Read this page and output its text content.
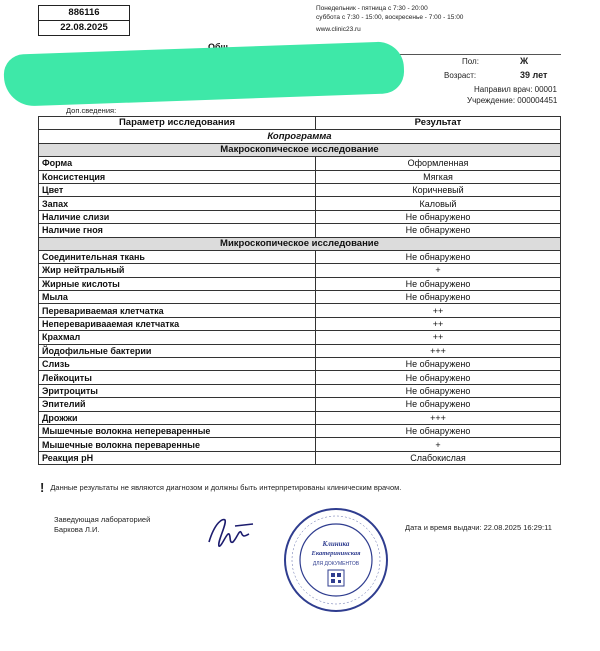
886116
22.08.2025
Понедельник - пятница с 7:30 - 20:00
суббота с 7:30 - 15:00, воскресенье - 7:00 - 15:00
www.clinic23.ru
Пол:	Ж
Возраст:	39 лет
Направил врач: 00001
Учреждение: 000004451
Доп.сведения:
Параметр исследования	Результат
Копрограмма	
Макроскопическое исследование	
Форма	Оформленная
Консистенция	Мягкая
Цвет	Коричневый
Запах	Каловый
Наличие слизи	Не обнаружено
Наличие гноя	Не обнаружено
Микроскопическое исследование	
Соединительная ткань	Не обнаружено
Жир нейтральный	+
Жирные кислоты	Не обнаружено
Мыла	Не обнаружено
Перевариваемая клетчатка	++
Непереваривааемая клетчатка	++
Крахмал	++
Йодофильные бактерии	+++
Слизь	Не обнаружено
Лейкоциты	Не обнаружено
Эритроциты	Не обнаружено
Эпителий	Не обнаружено
Дрожжи	+++
Мышечные волокна непереваренные	Не обнаружено
Мышечные волокна переваренные	+
Реакция pH	Слабокислая
! Данные результаты не являются диагнозом и должны быть интерпретированы клиническим врачом.
Заведующая лабораторией
Баркова Л.И.
Клиника
Екатерининская
ДЛЯ ДОКУМЕНТОВ
Дата и время выдачи: 22.08.2025 16:29:11
